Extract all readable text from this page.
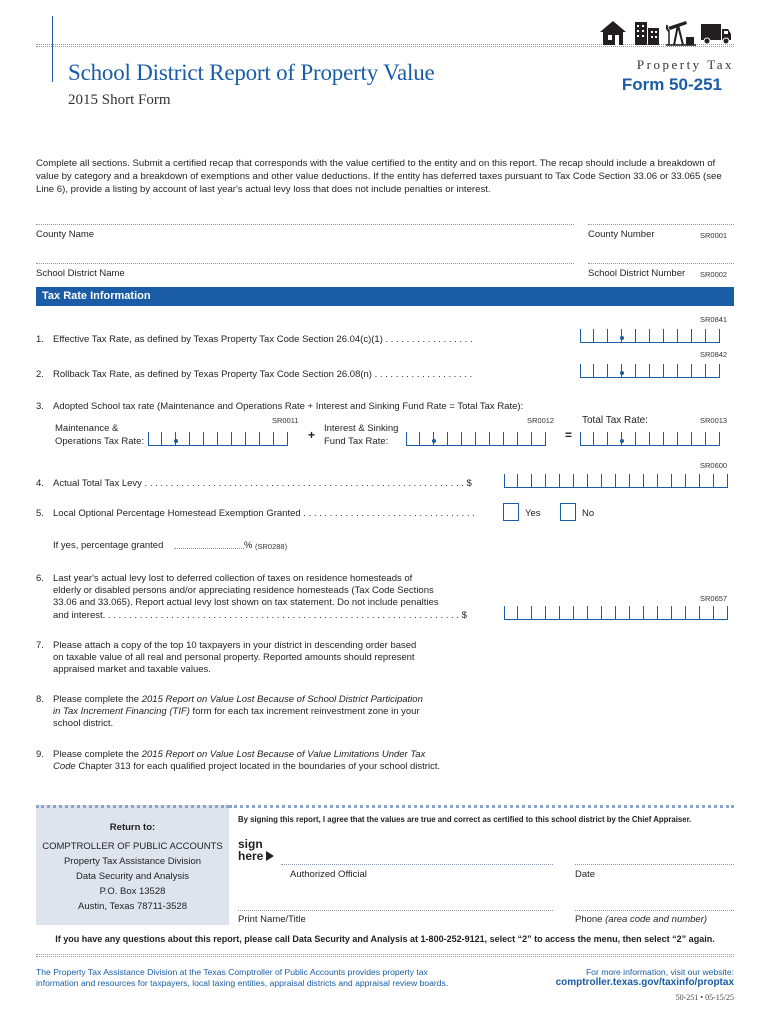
School District Report of Property Value
2015 Short Form
Property Tax
Form 50-251
Complete all sections. Submit a certified recap that corresponds with the value certified to the entity and on this report. The recap should include a breakdown of value by category and a breakdown of exemptions and other value deductions. If the entity has deferred taxes pursuant to Tax Code Section 33.06 or 33.065 (see Line 6), provide a listing by account of last year's actual levy loss that does not include penalties or interest.
County Name	County Number	SR0001
School District Name	School District Number SR0002
Tax Rate Information
SR0841
1. Effective Tax Rate, as defined by Texas Property Tax Code Section 26.04(c)(1) . . . . . . . . . . . . . . . . .
SR0842
2. Rollback Tax Rate, as defined by Texas Property Tax Code Section 26.08(n) . . . . . . . . . . . . . . . . . . .
3. Adopted School tax rate (Maintenance and Operations Rate + Interest and Sinking Fund Rate = Total Tax Rate):
SR0011
Maintenance &
Operations Tax Rate:	+ Interest & Sinking
Fund Tax Rate:
SR0012
=
Total Tax Rate:	SR0013
SR0600
4. Actual Total Tax Levy . . . . . . . . . . . . . . . . . . . . . . . . . . . . . . . . . . . . . . . . . . . . . . . . . . . . . . . . . . . . . $
5. Local Optional Percentage Homestead Exemption Granted . . . . . . . . . . . . . . . . . . . . . . . . . . . . . . . . .	Yes	No
If yes, percentage granted	% (SR0288)
6. Last year's actual levy lost to deferred collection of taxes on residence homesteads of
elderly or disabled persons and/or appreciating residence homesteads (Tax Code Sections
33.06 and 33.065). Report actual levy lost shown on tax statement. Do not include penalties
and interest. . . . . . . . . . . . . . . . . . . . . . . . . . . . . . . . . . . . . . . . . . . . . . . . . . . . . . . . . . . . . . . . . . . . $
SR0657
7. Please attach a copy of the top 10 taxpayers in your district in descending order based
on taxable value of all real and personal property. Reported amounts should represent
appraised market and taxable values.
8. Please complete the 2015 Report on Value Lost Because of School District Participation
in Tax Increment Financing (TIF) form for each tax increment reinvestment zone in your
school district.
9. Please complete the 2015 Report on Value Lost Because of Value Limitations Under Tax
Code Chapter 313 for each qualified project located in the boundaries of your school district.
Return to:
COMPTROLLER OF PUBLIC ACCOUNTS
Property Tax Assistance Division
Data Security and Analysis
P.O. Box 13528
Austin, Texas 78711-3528
By signing this report, I agree that the values are true and correct as certified to this school district by the Chief Appraiser.
sign
here
Authorized Official	Date
Print Name/Title	Phone (area code and number)
If you have any questions about this report, please call Data Security and Analysis at 1-800-252-9121, select “2” to access the menu, then select “2” again.
The Property Tax Assistance Division at the Texas Comptroller of Public Accounts provides property tax
information and resources for taxpayers, local taxing entities, appraisal districts and appraisal review boards.
For more information, visit our website:
comptroller.texas.gov/taxinfo/proptax
50-251 • 05-15/25
